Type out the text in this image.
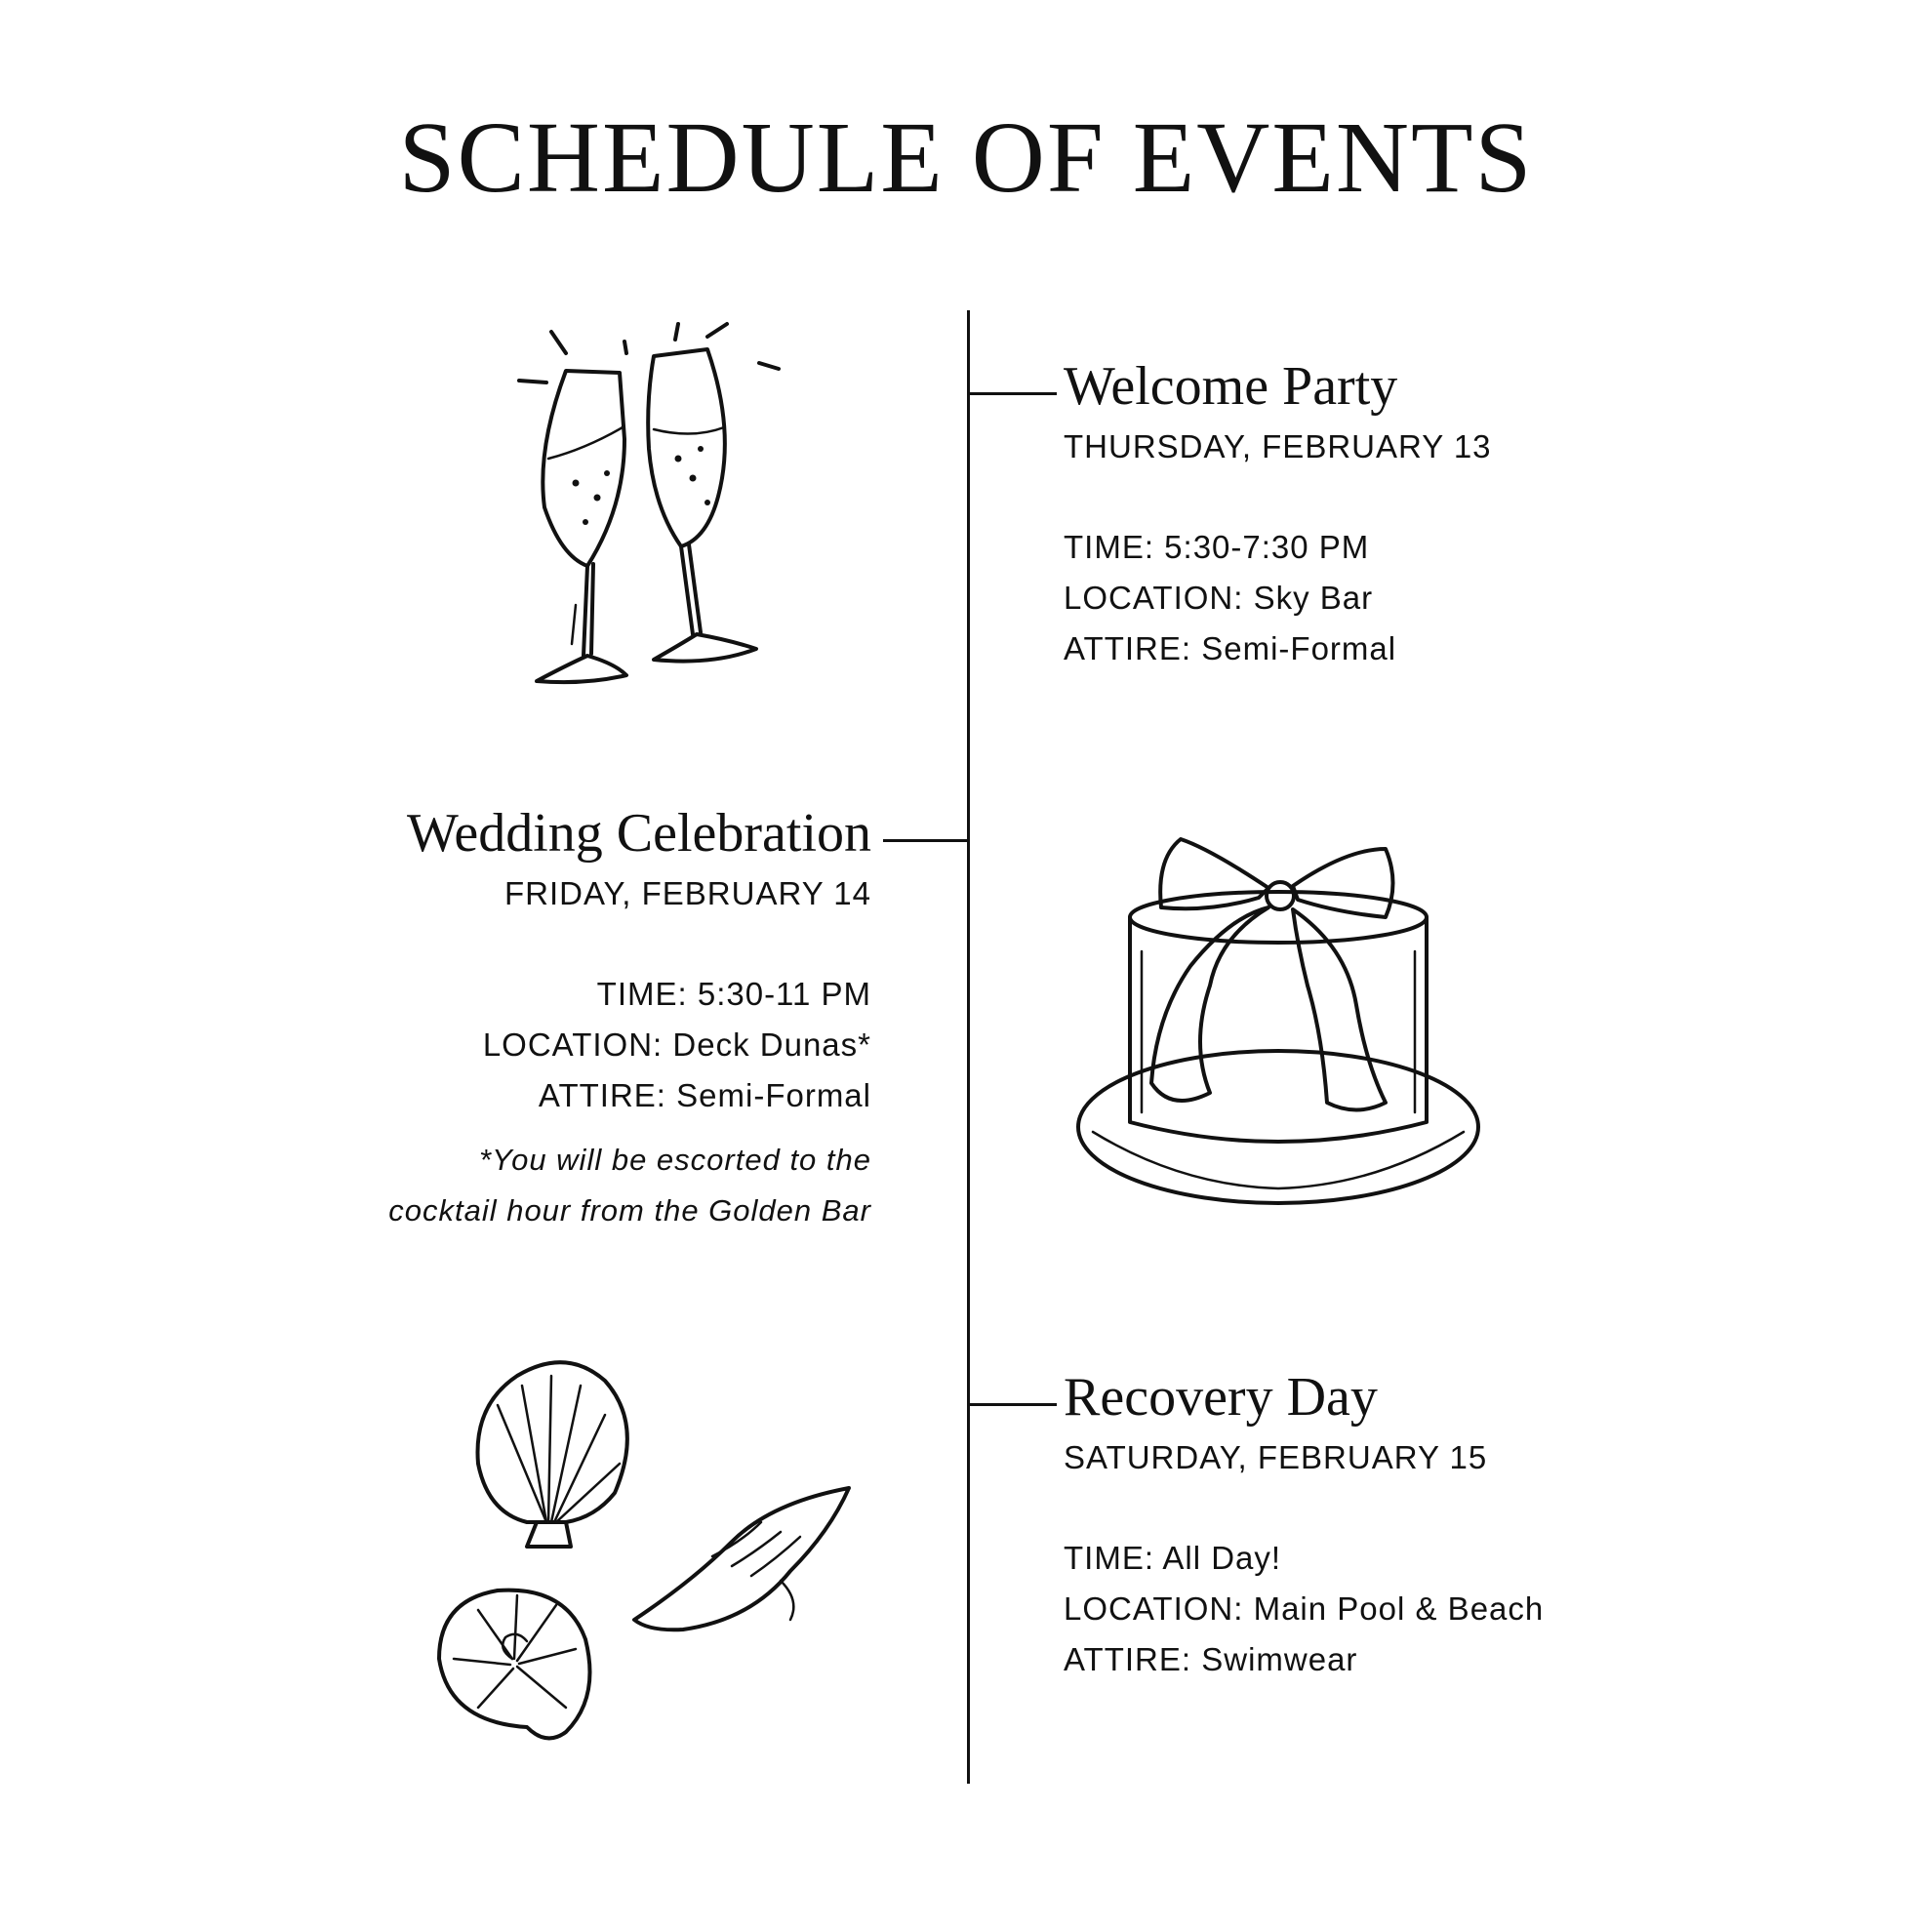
SCHEDULE OF EVENTS
Welcome Party
THURSDAY, FEBRUARY 13
TIME: 5:30-7:30 PM
LOCATION: Sky Bar
ATTIRE: Semi-Formal
Wedding Celebration
FRIDAY, FEBRUARY 14
TIME: 5:30-11 PM
LOCATION: Deck Dunas*
ATTIRE: Semi-Formal
*You will be escorted to the
cocktail hour from the Golden Bar
Recovery Day
SATURDAY, FEBRUARY 15
TIME: All Day!
LOCATION: Main Pool & Beach
ATTIRE: Swimwear
